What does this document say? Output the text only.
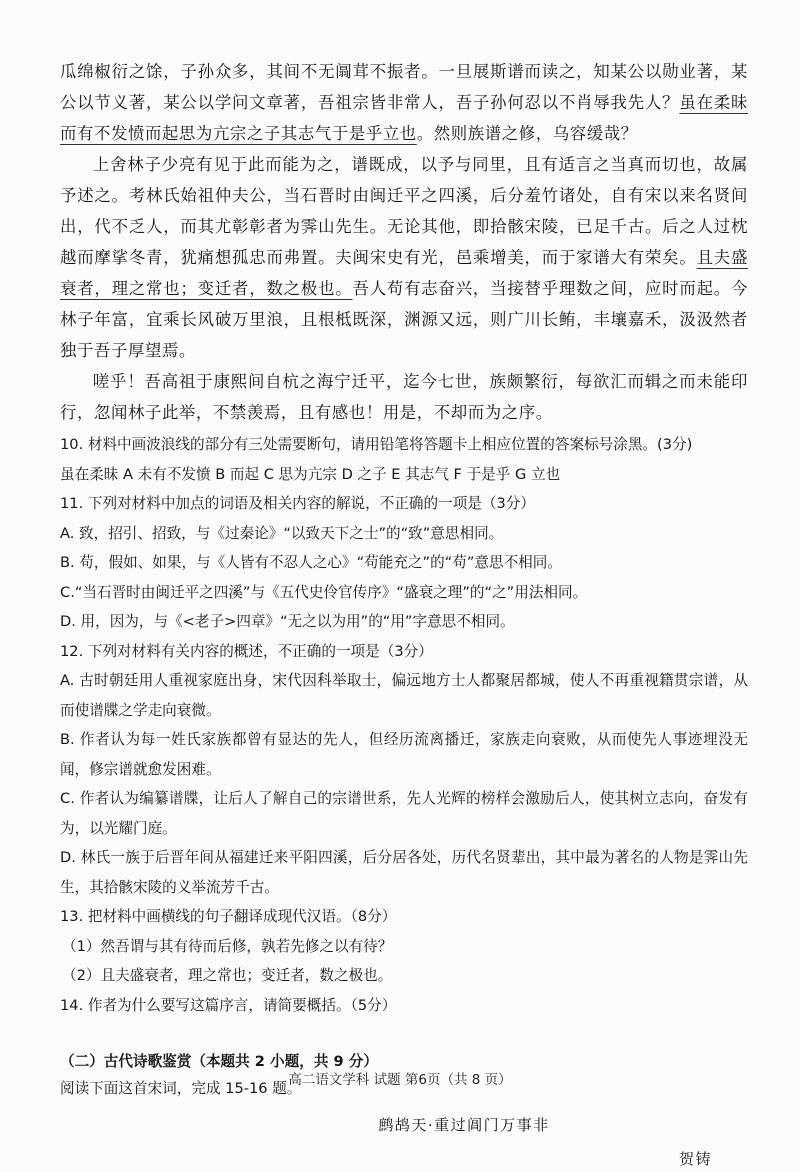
瓜绵椒衍之馀，子孙众多，其间不无阘茸不振者。一旦展斯谱而读之，知某公以勋业著，某公以节义著，某公以学问文章著，吾祖宗皆非常人，吾子孙何忍以不肖辱我先人？虽在柔昧而有不发愤而起思为亢宗之子其志气于是乎立也。然则族谱之修，乌容缓哉？

上舍林子少亮有见于此而能为之，谱既成，以予与同里，且有适言之当真而切也，故属予述之。考林氏始祖仲夫公，当石晋时由闽迁平之四溪，后分羞竹诸处，自有宋以来名贤间出，代不乏人，而其尤彰彰者为霁山先生。无论其他，即拾骸宋陵，已足千古。后之人过枕越而摩挲冬青，犹痛想孤忠而弗置。夫闽宋史有光，邑乘增美，而于家谱大有荣矣。且夫盛衰者，理之常也；变迁者，数之极也。吾人苟有志奋兴，当接替乎理数之间，应时而起。今林子年富，宜乘长风破万里浪，且根柢既深，渊源又远，则广川长鲔，丰壤嘉禾，汲汲然者独于吾子厚望焉。

嗟乎！吾高祖于康熙间自杭之海宁迁平，迄今七世，族颇繁衍，每欲汇而辑之而未能印行，忽闻林子此举，不禁羡焉，且有感也！用是，不却而为之序。

10. 材料中画波浪线的部分有三处需要断句，请用铅笔将答题卡上相应位置的答案标号涂黑。(3分)

虽在柔昧 A 未有不发愤 B 而起 C 思为亢宗 D 之子 E 其志气 F 于是乎 G 立也

11. 下列对材料中加点的词语及相关内容的解说，不正确的一项是（3分）

A. 致，招引、招致，与《过秦论》“以致天下之士”的“致”意思相同。

B. 苟，假如、如果，与《人皆有不忍人之心》“苟能充之”的“苟”意思不相同。

C.“当石晋时由闽迁平之四溪”与《五代史伶官传序》“盛衰之理”的“之”用法相同。

D. 用，因为，与《<老子>四章》“无之以为用”的“用”字意思不相同。

12. 下列对材料有关内容的概述，不正确的一项是（3分）

A. 古时朝廷用人重视家庭出身，宋代因科举取士，偏远地方士人都聚居都城，使人不再重视籍贯宗谱，从而使谱牒之学走向衰微。

B. 作者认为每一姓氏家族都曾有显达的先人，但经历流离播迁，家族走向衰败，从而使先人事迹埋没无闻，修宗谱就愈发困难。

C. 作者认为编纂谱牒，让后人了解自己的宗谱世系，先人光辉的榜样会激励后人，使其树立志向，奋发有为，以光耀门庭。

D. 林氏一族于后晋年间从福建迁来平阳四溪，后分居各处，历代名贤辈出，其中最为著名的人物是霁山先生，其拾骸宋陵的义举流芳千古。

13. 把材料中画横线的句子翻译成现代汉语。（8分）

（1）然吾谓与其有待而后修，孰若先修之以有待？

（2）且夫盛衰者，理之常也；变迁者，数之极也。

14. 作者为什么要写这篇序言，请简要概括。（5分）

（二）古代诗歌鉴赏（本题共 2 小题，共 9 分）

阅读下面这首宋词，完成 15-16 题。

鹧鸪天·重过阊门万事非

贺铸

高二语文学科 试题 第6页（共 8 页）
